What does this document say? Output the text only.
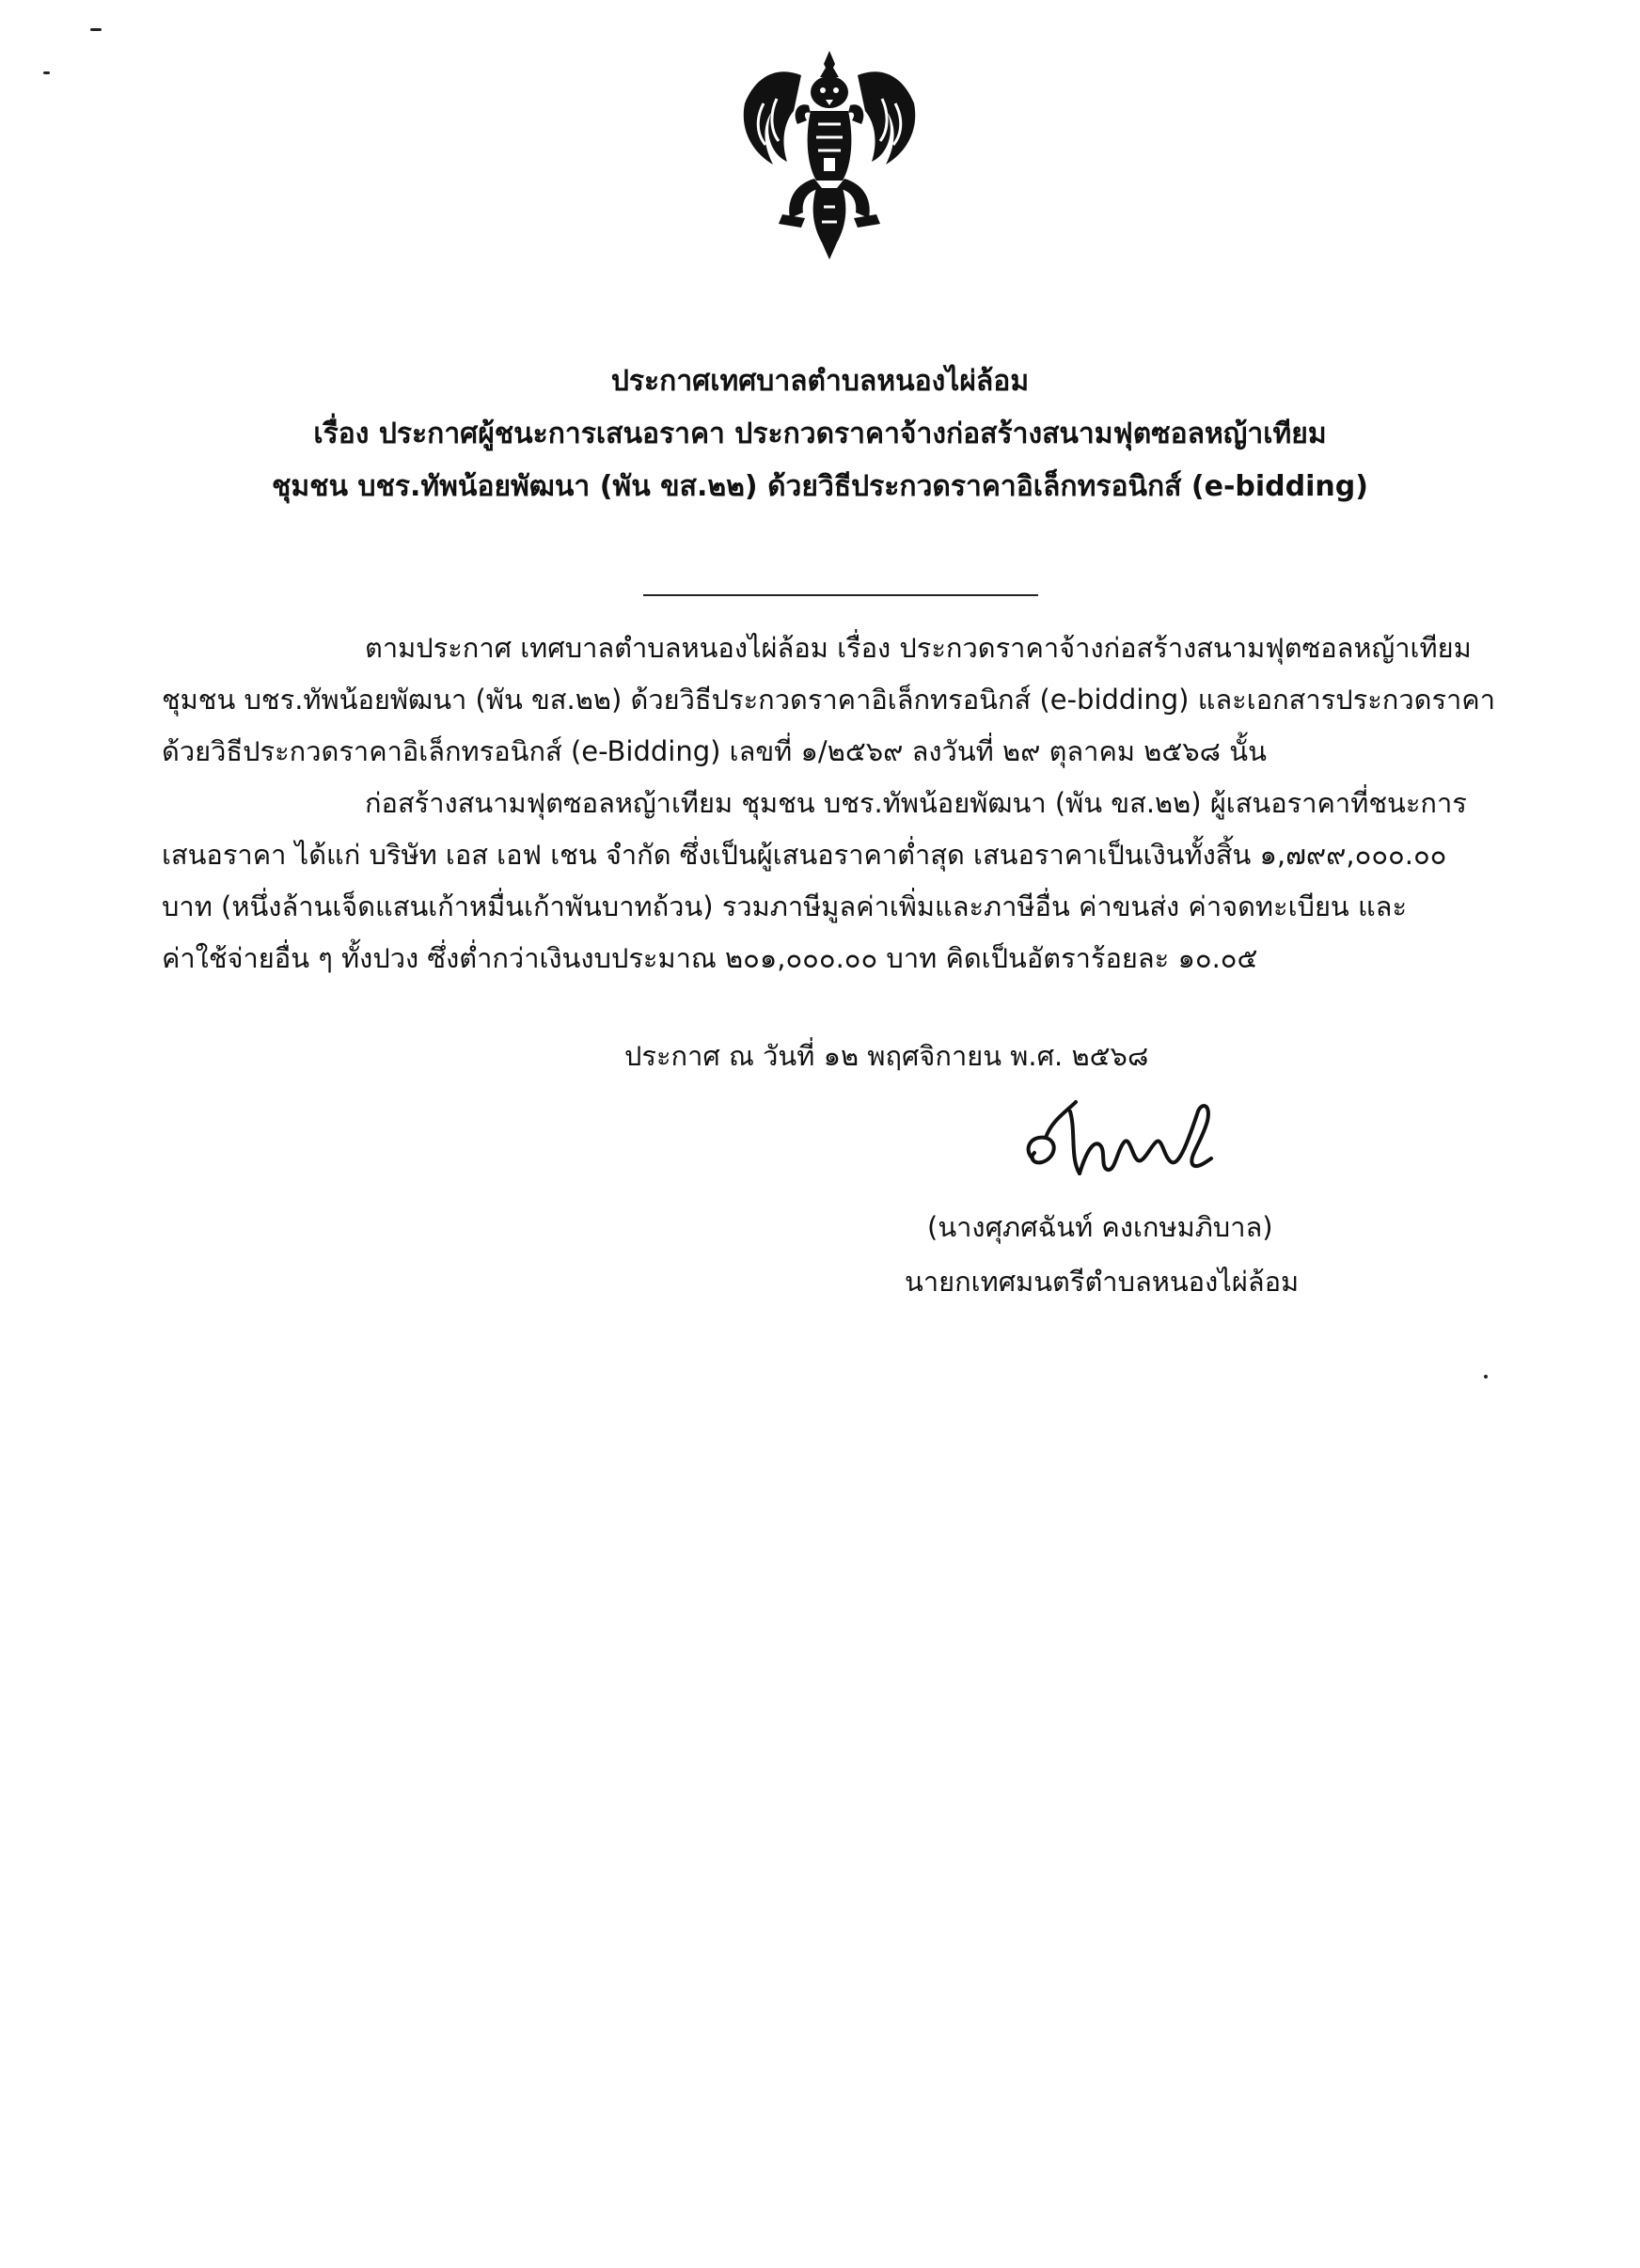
ประกาศเทศบาลตำบลหนองไผ่ล้อม
เรื่อง ประกาศผู้ชนะการเสนอราคา ประกวดราคาจ้างก่อสร้างสนามฟุตซอลหญ้าเทียม
ชุมชน บชร.ทัพน้อยพัฒนา (พัน ขส.๒๒) ด้วยวิธีประกวดราคาอิเล็กทรอนิกส์ (e-bidding)

ตามประกาศ เทศบาลตำบลหนองไผ่ล้อม เรื่อง ประกวดราคาจ้างก่อสร้างสนามฟุตซอลหญ้าเทียม

ชุมชน บชร.ทัพน้อยพัฒนา (พัน ขส.๒๒) ด้วยวิธีประกวดราคาอิเล็กทรอนิกส์ (e-bidding) และเอกสารประกวดราคา

ด้วยวิธีประกวดราคาอิเล็กทรอนิกส์ (e-Bidding) เลขที่ ๑/๒๕๖๙ ลงวันที่ ๒๙ ตุลาคม ๒๕๖๘ นั้น

ก่อสร้างสนามฟุตซอลหญ้าเทียม ชุมชน บชร.ทัพน้อยพัฒนา (พัน ขส.๒๒) ผู้เสนอราคาที่ชนะการ

เสนอราคา ได้แก่ บริษัท เอส เอฟ เชน จำกัด ซึ่งเป็นผู้เสนอราคาต่ำสุด เสนอราคาเป็นเงินทั้งสิ้น ๑,๗๙๙,๐๐๐.๐๐

บาท (หนึ่งล้านเจ็ดแสนเก้าหมื่นเก้าพันบาทถ้วน) รวมภาษีมูลค่าเพิ่มและภาษีอื่น ค่าขนส่ง ค่าจดทะเบียน และ

ค่าใช้จ่ายอื่น ๆ ทั้งปวง ซึ่งต่ำกว่าเงินงบประมาณ ๒๐๑,๐๐๐.๐๐ บาท คิดเป็นอัตราร้อยละ ๑๐.๐๕

ประกาศ ณ วันที่ ๑๒ พฤศจิกายน พ.ศ. ๒๕๖๘
(นางศุภศฉันท์ คงเกษมภิบาล)
นายกเทศมนตรีตำบลหนองไผ่ล้อม
